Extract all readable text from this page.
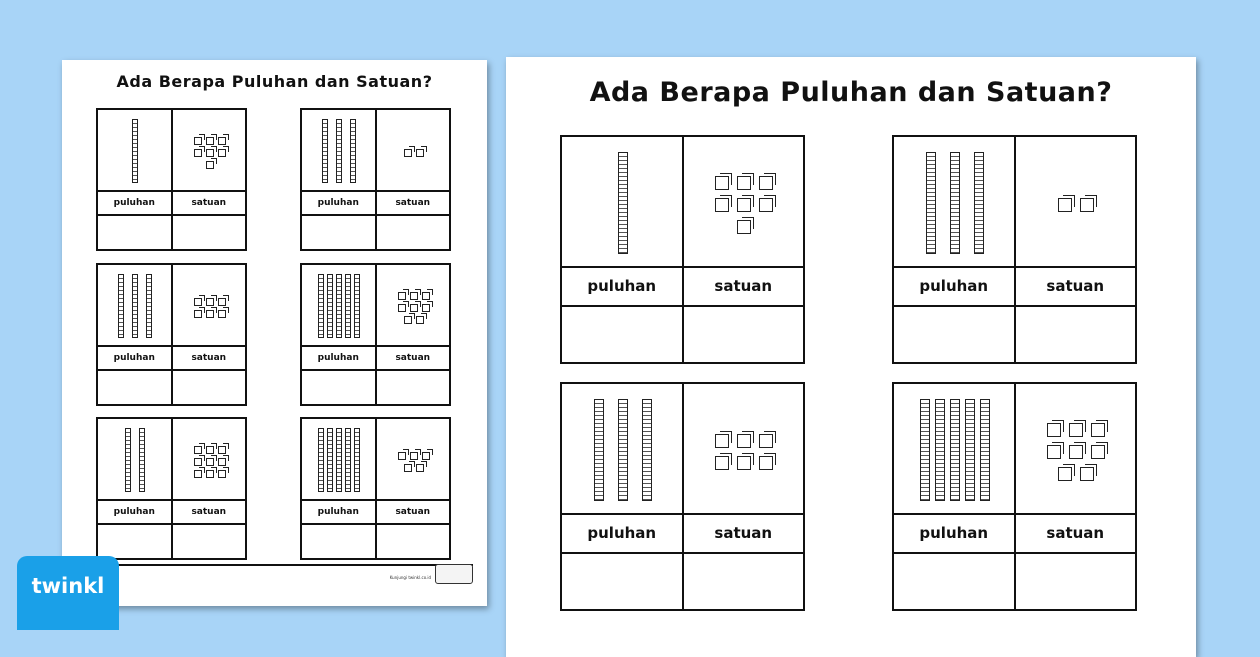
Ada Berapa Puluhan dan Satuan?
puluhan	satuan	puluhan	satuan
puluhan	satuan	puluhan	satuan
puluhan	satuan	puluhan	satuan
Kunjungi twinkl.co.id
Ada Berapa Puluhan dan Satuan?
puluhan	satuan	puluhan	satuan
puluhan	satuan	puluhan	satuan
twinkl
